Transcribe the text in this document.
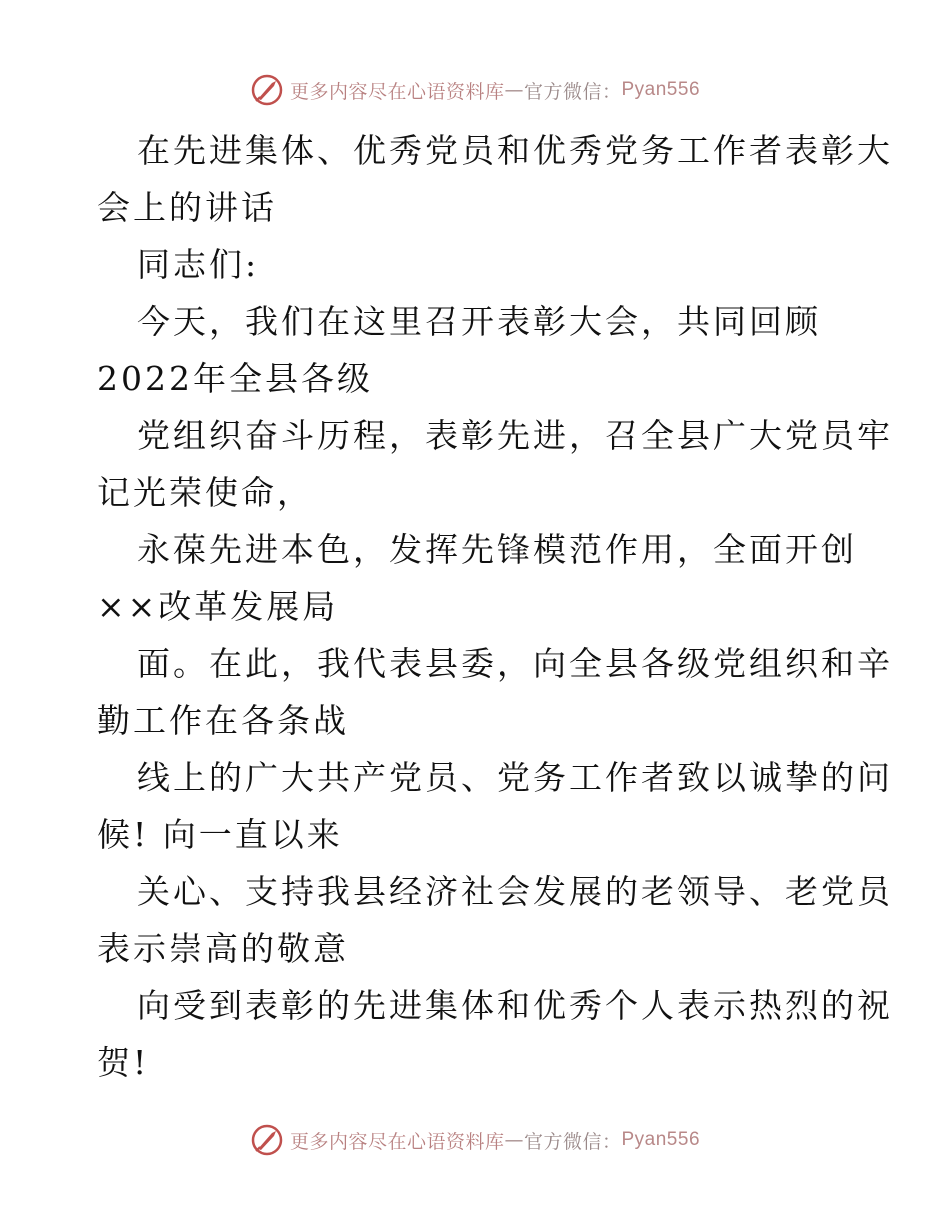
更多内容尽在心语资料库 — 官方微信： Pyan556
在先进集体、优秀党员和优秀党务工作者表彰大
会上的讲话
同志们:
今天，我们在这里召开表彰大会，共同回顾
2022年全县各级
党组织奋斗历程，表彰先进，召全县广大党员牢
记光荣使命，
永葆先进本色，发挥先锋模范作用，全面开创
××改革发展局
面。在此，我代表县委，向全县各级党组织和辛
勤工作在各条战
线上的广大共产党员、党务工作者致以诚挚的问
候! 向一直以来
关心、支持我县经济社会发展的老领导、老党员
表示崇高的敬意
向受到表彰的先进集体和优秀个人表示热烈的祝
贺!
更多内容尽在心语资料库 — 官方微信： Pyan556
